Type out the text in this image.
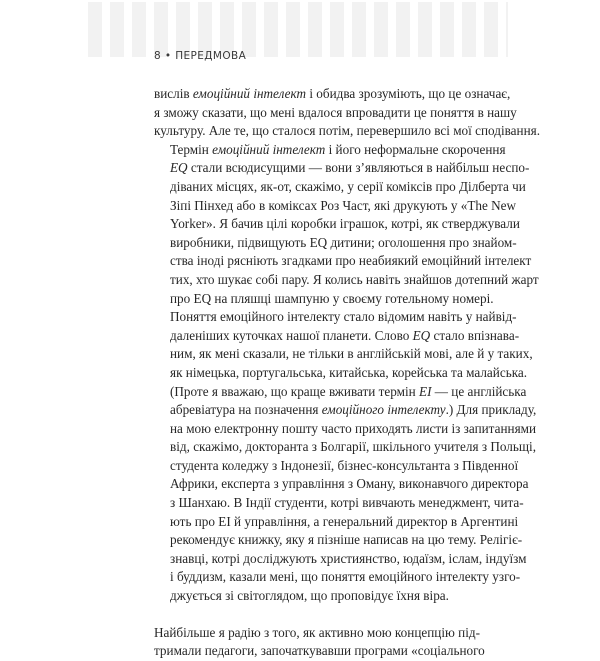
8 • ПЕРЕДМОВА

вислів емоційний інтелект і обидва зрозуміють, що це означає,
я зможу сказати, що мені вдалося впровадити це поняття в нашу
культуру. Але те, що сталося потім, перевершило всі мої сподівання.

Термін емоційний інтелект і його неформальне скорочення
EQ стали всюдисущими — вони з’являються в найбільш неспо-
діваних місцях, як-от, скажімо, у серії коміксів про Ділберта чи
Зіпі Пінхед або в коміксах Роз Част, які друкують у «The New
Yorker». Я бачив цілі коробки іграшок, котрі, як стверджували
виробники, підвищують EQ дитини; оголошення про знайом-
ства іноді рясніють згадками про неабиякий емоційний інтелект
тих, хто шукає собі пару. Я колись навіть знайшов дотепний жарт
про EQ на пляшці шампуню у своєму готельному номері.

Поняття емоційного інтелекту стало відомим навіть у найвід-
даленіших куточках нашої планети. Слово EQ стало впізнава-
ним, як мені сказали, не тільки в англійській мові, але й у таких,
як німецька, португальська, китайська, корейська та малайська.
(Проте я вважаю, що краще вживати термін EI — це англійська
абревіатура на позначення емоційного інтелекту.) Для прикладу,
на мою електронну пошту часто приходять листи із запитаннями
від, скажімо, докторанта з Болгарії, шкільного учителя з Польщі,
студента коледжу з Індонезії, бізнес-консультанта з Південної
Африки, експерта з управління з Оману, виконавчого директора
з Шанхаю. В Індії студенти, котрі вивчають менеджмент, чита-
ють про EI й управління, а генеральний директор в Аргентині
рекомендує книжку, яку я пізніше написав на цю тему. Релігіє-
знавці, котрі досліджують християнство, юдаїзм, іслам, індуїзм
і буддизм, казали мені, що поняття емоційного інтелекту узго-
джується зі світоглядом, що проповідує їхня віра.

Найбільше я радію з того, як активно мою концепцію під-
тримали педагоги, започаткувавши програми «соціального
